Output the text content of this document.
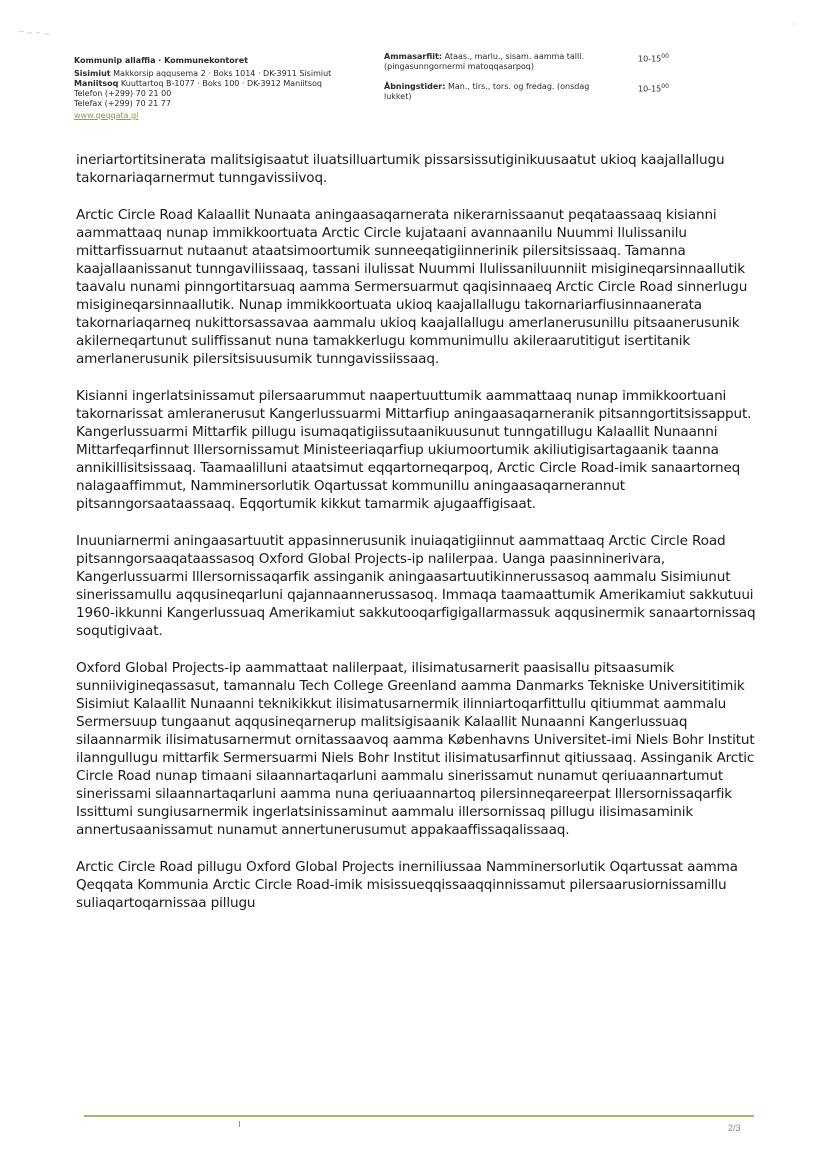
Kommunip allaffia · Kommunekontoret
Sisimiut Makkorsip aqqusema 2 · Boks 1014 · DK-3911 Sisimiut
Maniitsoq Kuuttartoq B-1077 · Boks 100 · DK-3912 Maniitsoq
Telefon (+299) 70 21 00
Telefax (+299) 70 21 77
www.qeqqata.gl
Ammasarfiit: Ataas., marlu., sisam. aamma talli. (pingasunngornermi matoqqasarpoq)
$10-15^{00}$
Åbningstider: Man., tirs., tors. og fredag. (onsdag lukket)
$10-15^{00}$
·

ineriartortitsinerata malitsigisaatut iluatsilluartumik pissarsissutiginikuusaatut ukioq kaajallallugu takornariaqarnermut tunngavissiivoq.

Arctic Circle Road Kalaallit Nunaata aningaasaqarnerata nikerarnissaanut peqataassaaq kisianni aammattaaq nunap immikkoortuata Arctic Circle kujataani avannaanilu Nuummi Ilulissanilu mittarfissuarnut nutaanut ataatsimoortumik sunneeqatigiinnerinik pilersitsissaaq. Tamanna kaajallaanissanut tunngaviliissaaq, tassani ilulissat Nuummi Ilulissaniluunniit misigineqarsinnaallutik taavalu nunami pinngortitarsuaq aamma Sermersuarmut qaqisinnaaeq Arctic Circle Road sinnerlugu misigineqarsinnaallutik. Nunap immikkoortuata ukioq kaajallallugu takornariarfiusinnaanerata takornariaqarneq nukittorsassavaa aammalu ukioq kaajallallugu amerlanerusunillu pitsaanerusunik akilerneqartunut suliffissanut nuna tamakkerlugu kommunimullu akileraarutitigut isertitanik amerlanerusunik pilersitsisuusumik tunngavissiissaaq.

Kisianni ingerlatsinissamut pilersaarummut naapertuuttumik aammattaaq nunap immikkoortuani takornarissat amleranerusut Kangerlussuarmi Mittarfiup aningaasaqarneranik pitsanngortitsissapput. Kangerlussuarmi Mittarfik pillugu isumaqatigiissutaanikuusunut tunngatillugu Kalaallit Nunaanni Mittarfeqarfinnut Illersornissamut Ministeeriaqarfiup ukiumoortumik akiliutigisartagaanik taanna annikillisitsissaaq. Taamaalilluni ataatsimut eqqartorneqarpoq, Arctic Circle Road-imik sanaartorneq nalagaaffimmut, Namminersorlutik Oqartussat kommunillu aningaasaqarnerannut pitsanngorsaataassaaq. Eqqortumik kikkut tamarmik ajugaaffigisaat.

Inuuniarnermi aningaasartuutit appasinnerusunik inuiaqatigiinnut aammattaaq Arctic Circle Road pitsanngorsaaqataassasoq Oxford Global Projects-ip nalilerpaa. Uanga paasinninerivara, Kangerlussuarmi Illersornissaqarfik assinganik aningaasartuutikinnerussasoq aammalu Sisimiunut sinerissamullu aqqusineqarluni qajannaannerussasoq. Immaqa taamaattumik Amerikamiut sakkutuui 1960-ikkunni Kangerlussuaq Amerikamiut sakkutooqarfigigallarmassuk aqqusinermik sanaartornissaq soqutigivaat.

Oxford Global Projects-ip aammattaat nalilerpaat, ilisimatusarnerit paasisallu pitsaasumik sunniivigineqassasut, tamannalu Tech College Greenland aamma Danmarks Tekniske Universititimik Sisimiut Kalaallit Nunaanni teknikikkut ilisimatusarnermik ilinniartoqarfittullu qitiummat aammalu Sermersuup tungaanut aqqusineqarnerup malitsigisaanik Kalaallit Nunaanni Kangerlussuaq silaannarmik ilisimatusarnermut ornitassaavoq aamma Københavns Universitet-imi Niels Bohr Institut ilanngullugu mittarfik Sermersuarmi Niels Bohr Institut ilisimatusarfinnut qitiussaaq. Assinganik Arctic Circle Road nunap timaani silaannartaqarluni aammalu sinerissamut nunamut qeriuaannartumut sinerissami silaannartaqarluni aamma nuna qeriuaannartoq pilersinneqareerpat Illersornissaqarfik Issittumi sungiusarnermik ingerlatsinissaminut aammalu illersornissaq pillugu ilisimasaminik annertusaanissamut nunamut annertunerusumut appakaaffissaqalissaaq.

Arctic Circle Road pillugu Oxford Global Projects inerniliussaa Namminersorlutik Oqartussat aamma Qeqqata Kommunia Arctic Circle Road-imik misissueqqissaaqqinnissamut pilersaarusiornissamillu suliaqartoqarnissaa pillugu

2/3
